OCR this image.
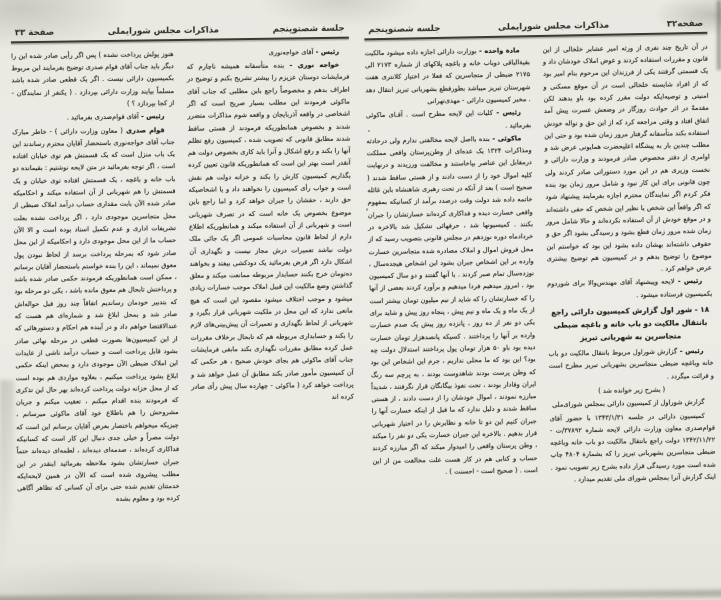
جلسة شصتوپنجم
مذاکرات مجلس شورایملی
صفحة ٣٣

رئیس - آقای خواجه‌نوری

خواجه نوری - بنده متأسفانه همیشه ناچارم که فرمایشات دوستان عزیزم را بیشتر تشریح بکنم و توضیح در اطراف بدهم و مخصوصاً راجع باین مطلبی که جناب آقای ماکوئی فرمودند این مطلب بسیار صریح است که اگر اشخاصی در واقعه آذربایجان و واقعه شوم مذاکرات متضرر شدند و بخصوص همانطوریکه فرمودند از هستی ساقط شدند مطابق قانونی که تصویب شده ، کمیسیون رفع تظلم آنها را بکند و رفع اشکال و آنرا باید کاری بخصوص دولت هم آنقدر است بهتر این است که همانطوریکه قانون تعیین کرده بگذاریم کمیسیون کارش را بکند و خزانه دولت هم نقش است و جواب رأی کمیسیون را نخواهند داد و یا اشخاصیکه حق دارند ، حقشان را جبران خواهد کرد و اما راجع باین موضوع بخصوص یک خانه است که در تصرف شهربانی است و شهربانی از آن استفاده میکند و همانطوریکه اطلاع دارم از لحاظ قانون محاسبات عمومی اگر یک جائی ملک دولت نباشد تعمیرات درش مجاز نیست و نگهداری آن اشکال دارد اگر فرض بفرمائید یک دودکشی بیفتد و بخواهند ده‌تومان خرج بکنند حسابدار مربوطه ممانعت میکند و معلق گذاشتن وضع مالکیت این قبیل املاک موجب خسارات زیادی میشود و موجب اختلاف میشود مقصود این است که هیچ مانعی ندارد که این محل در ملکیت شهربانی قرار بگیرد و شهربانی از لحاظ نگهداری و تعمیرات آن پیش‌بینی‌های لازم را بکند و حسابداری مربوطه هم که تابحال برخلاف مقررات عمل کرده مطابق مقررات نگهداری بکند مابقی فرمایشات جناب آقای ماکوئی هم بجای خودش صحیح ، هر حکمی که آن کمیسیون مأمور صادر بکند مطابق آن عمل خواهد شد و پرداخت خواهد کرد ( ماکوئی - چهارده سال پیش رأی صادر کرده اند

هنوز پولش پرداخت نشده ) پس اگر رأیی صادر شده این را دیگر باید جناب آقای قوام صدری توضیح بفرمایند این مربوط بکمیسیون دارائی نیست . اگر یک قطعی صادر شده باشد مسلماً بیایند وزارت دارائی بپردازد . ( یکنفر از نمایندگان - از کجا بپردازد ؟ )

رئیس - آقای قوام‌صدری بفرمائید .

قوام صدری ( معاون وزارت دارائی ) - خاطر مبارک جناب آقای خواجه‌نوری باستحضار آقایان محترم رساندند این یک باب منزل است که یک قسمتش هم توی خیابان افتاده است ، اگر توجه بفرمائید در متن لایحه نوشتیم : بقیمانده دو باب خانه و باغچه ، یک قسمتش افتاده توی خیابان و یک قسمتش را هم شهربانی از آن استفاده میکند و احکامیکه صادر شده الآن بابت مقداری حساب درآمد املاک ضبطی از محل متجاسرین موجودی دارد ، اگر پرداخت نشده بعلت تشریفات اداری و عدم تکمیل اسناد بوده است و الا الآن حساب ما از این محل موجودی دارد و احکامیکه از این محل صادر شود که بمرحله پرداخت برسد از لحاظ نبودن پول معوق نمیماند ، این را بنده خواستم باستحضار آقایان برسانم ، ممکن است همانطوریکه فرمودند حکمی صادر شده باشد و پرداختش تابحال هم معوق مانده باشد ، یکی دو مرحله بود که بتدبیر خودمان رساندیم اتفاقاً چند روز قبل حواله‌اش صادر شد و بمحل ابلاغ شد و شماره‌ای هم هست که عندالاقتضا خواهم داد و در آینده هم احکام و دستورهائی که از این کمیسیون‌ها بصورت قطعی در مرحله نهائی صادر بشود قابل پرداخت است و حساب درآمد ناشی از عایدات این املاک ضبطی الآن موجودی دارد و بمحض اینکه حکمی ابلاغ بشود پرداخت میکنیم ، بعلاوه مواردی هم بوده است که از محل خزانه دولت پرداخت کرده‌اند بهر حال این تذکری که فرمودند بنده اقدام میکنم ، تعقیب میکنم و جریان مشروحش را هم باطلاع خود آقای ماکوئی میرسانم ، چیزیکه میخواهم باختصار بعرض آقایان برسانم این است که دولت مصراً و خیلی جدی دنبال این کار است که کسانیکه فداکاری کرده‌اند ، صدمه‌ای دیده‌اند ، لطمه‌ای دیده‌اند حتماً جبران خسارتشان بشود ملاحظه بفرمائید اینقدر در این مطلب پیشروی شده است که الآن در همین لایحه‌ایکه خدمتتان تقدیم شده حتی برای آن کسانی که تظاهر آگاهی کرده بود و معلوم بشده

صفحه٣٢
مذاکرات مجلس شورایملی
جلسه شصتوپنجم

در آن تاریخ چند نفری از ورثه امیر عشایر خلخالی از این قانون و مقررات استفاده کردند و عوض املاک خودشان داد و یک قسمتی گرفتند یکی از فرزندان این مرحوم بنام امیر بود که از افراد شایسته خلخالی است در آن موقع مسکنی و امنیتی و توصیه‌ایکه دولت مقرر کرده بود باو بدهند لکن مقدمةً در اثر حوادث روزگار در وضعش عسرت پیش آمد اتفاق افتاد و وقتی مراجعه کرد که از این حق و نواله خودش استفاده بکند متأسفانه گرفتار مرور زمان شده بود و حتی این مطلب چندین بار به پیشگاه اعلیحضرت همایونی عرض شد و اوامری از دفتر مخصوص صادر فرمودند و وزارت دارائی و نخست وزیری هم در این مورد دستوراتی صادر کردند ولی چون قانونی برای این کار نبود و شامل مرور زمان بود بنده فکر کردم اگر نمایندگان محترم اجازه بفرمایند پیشنهاد شود که اگر واقعاً این شخص یا نظیر این شخص که حقی داشته‌اند و در موقع خودش از آن استفاده نکرده‌اند و حالا شامل مرور زمان شده مرور زمان قطع بشود و رسیدگی بشود اگر حق و حقوقی داشته‌اند بهشان داده بشود این بود که خواستم این موضوع را توضیح بدهم و در کمیسیون هم توضیح بیشتری عرض خواهم کرد .

رئیس - لایحه وپیشنهاد آقای مهندس‌والا برای شوردوم بکمیسیون فرستاده میشود .

۱۸ - شور اول گزارش کمیسیون دارائی راجع بانتقال مالکیت دو باب خانه و باغچه ضبطی متجاسرین به شهربانی تبریز

رئیس - گزارش شوراول مربوط بانتقال مالکیت دو باب خانه وباغچه ضبطی متجاسرین بشهربانی تبریز مطرح است و قرائت میگردد .

( بشرح زیر خوانده شد )

گزارش شوراول از کمیسیون دارائی بمجلس شورای‌ملی

کمیسیون دارائی در جلسه ۱۳۴۳/۱/۳۱ با حضور آقای قوام‌صدری معاون وزارت دارائی لایحه شماره ۳۷۸۹۲/ت - ۱۳۴۲/۱۱/۲۲ دولت راجع بانتقال مالکیت دو باب خانه وباغچه ضبطی متجاسرین بشهربانی تبریز را که بشمارة ۴۸۰۴ چاپ شده است مورد رسیدگی قرار داده بشرح زیر تصویب نمود . اینک گزارش آنرا بمجلس شورای ملی تقدیم میدارد .

مادة واحده - بوزارت دارائی اجازه داده میشود مالکیت بقیةالباقی دوباب خانه و باغچه پلاکهای از شماره ۲۱۷۳ الی ۲۱۷۵ ضبطی از متجاسرین که فعلا در اختیار کلانتری هفت شهرستان تبریز میباشد بطورقطع بشهربانی تبریز انتقال دهد . مخبر کمیسیون دارائی - مهدی‌تهرانی

رئیس - کلیات این لایحه مطرح است . آقـای ماکوئی بفرمائید .

ماکوئی - بنده بااصل لایحه مخالفتی ندارم ولی درحادثه ومذاکرات ۱۳۲۴ یک عده‌ای از وطن‌پرستان واقعی مملکت درمقابل این عناصر بپاخاستند و مخالفت ورزیدند و درنهایت کلیه اموال خود را از دست دادند و از هستی ساقط شدند ( صحیح است ) بعد از آنکه در تحت رهبری شاهنشاه باین غائله خاتمه داده شد دولت وقت درصدد برآمد از کسانیکه بمفهوم واقعی خسارت دیده و فداکاری کرده‌اند خسارتشان را جبران بکنند . کمیسیونها شد ، حرفهائی تشکیل شد بالاخره در خردادماه دوره نوزدهم در مجلس قانونی بتصویب رسید که از محل فروش اموال و املاک مصادره شده متجاسرین خسارت وارده بر این اشخاص جبران بشود این اشخاص هیجده‌سال ، نوزده‌سال تمام صبر کردند . با آنها گفتند و دو سال کمیسیون بود ، امروز میدهیم فردا میدهیم و برآورد کردند بعضی از آنها را که خسارتشان را که شاید از نیم میلیون تومان بیشتر است از یک ماه و یک ماه و نیم پیش ، پنجاه روز پیش و شاید برای یکی دو نفر از ده روز ، پانزده روز پیش یک صدم خسارت وارده بر آنها را پرداختند . کسیکه پانصدهزار تومان خسارت دیده بود باو ۵۰ هزار تومان پول پرداختند استدلال دولت چه بود؟ این بود که ما محلی نداریم ، جرم این اشخاص این بود که وطن پرست بودند شاهدوست بودند ، به پرچم سه رنگ ایران وفادار بودند ، تحت نفوذ بیگانگان قرار نگرفتند ، شدیداً مبارزه نمودند ، اموال خودشان را از دست دادند ، از هستی ساقط شدند و دلیل ندارد که ما قبل از اینکه خسارت آنها را جبران کنیم این دو تا خانه و نظایرش را در اختیار شهربانی قرار بدهیم . بالاخره این جبران خسارت یکی دو نفر را میکند ، وطن پرستان واقعی را امیدوار میکند که اگر مبارزه کردند حساب و کتابی هم در کار هست علت مخالفت من از این است . ( صحیح است - احسنت ) .
